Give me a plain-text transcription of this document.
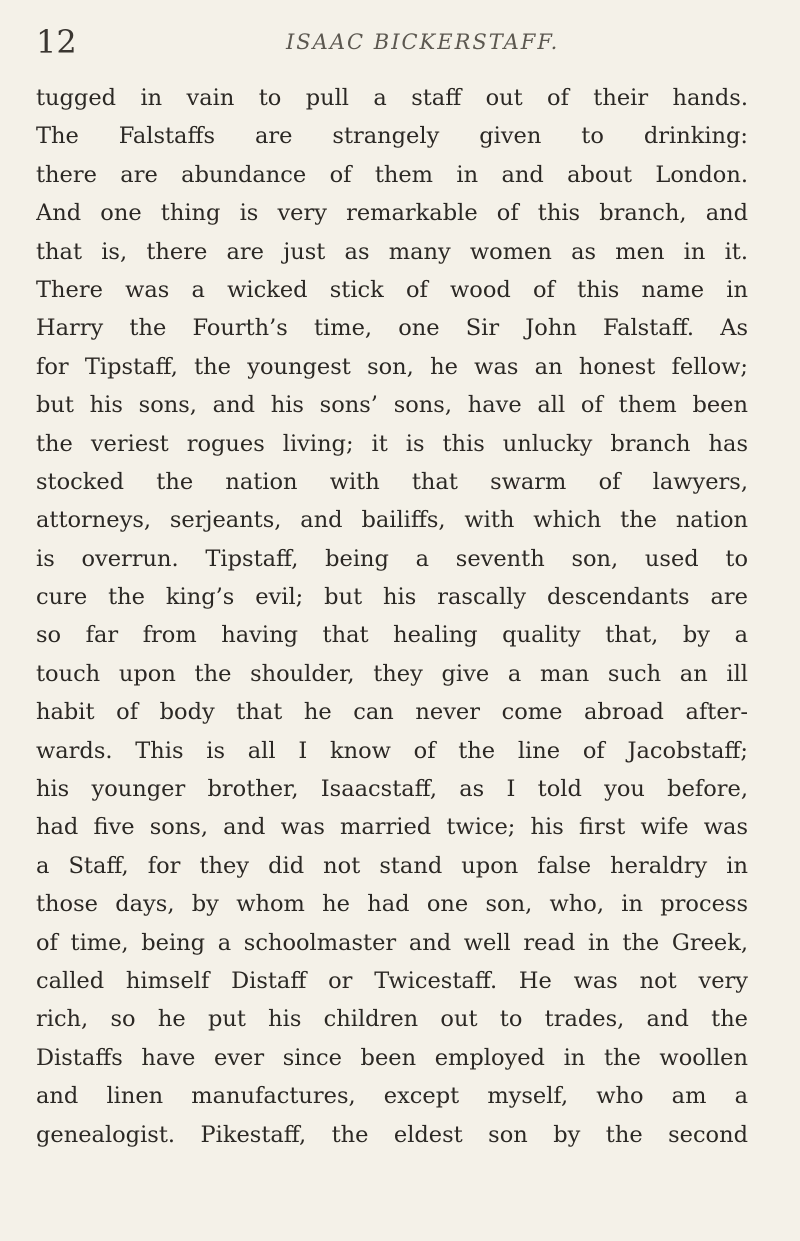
12	ISAAC BICKERSTAFF.
tugged in vain to pull a staff out of their hands.
The Falstaffs are strangely given to drinking:
there are abundance of them in and about London.
And one thing is very remarkable of this branch, and
that is, there are just as many women as men in it.
There was a wicked stick of wood of this name in
Harry the Fourth’s time, one Sir John Falstaff. As
for Tipstaff, the youngest son, he was an honest fellow;
but his sons, and his sons’ sons, have all of them been
the veriest rogues living; it is this unlucky branch has
stocked the nation with that swarm of lawyers,
attorneys, serjeants, and bailiffs, with which the nation
is overrun. Tipstaff, being a seventh son, used to
cure the king’s evil; but his rascally descendants are
so far from having that healing quality that, by a
touch upon the shoulder, they give a man such an ill
habit of body that he can never come abroad after-
wards. This is all I know of the line of Jacobstaff;
his younger brother, Isaacstaff, as I told you before,
had five sons, and was married twice; his first wife was
a Staff, for they did not stand upon false heraldry in
those days, by whom he had one son, who, in process
of time, being a schoolmaster and well read in the Greek,
called himself Distaff or Twicestaff. He was not very
rich, so he put his children out to trades, and the
Distaffs have ever since been employed in the woollen
and linen manufactures, except myself, who am a
genealogist. Pikestaff, the eldest son by the second
